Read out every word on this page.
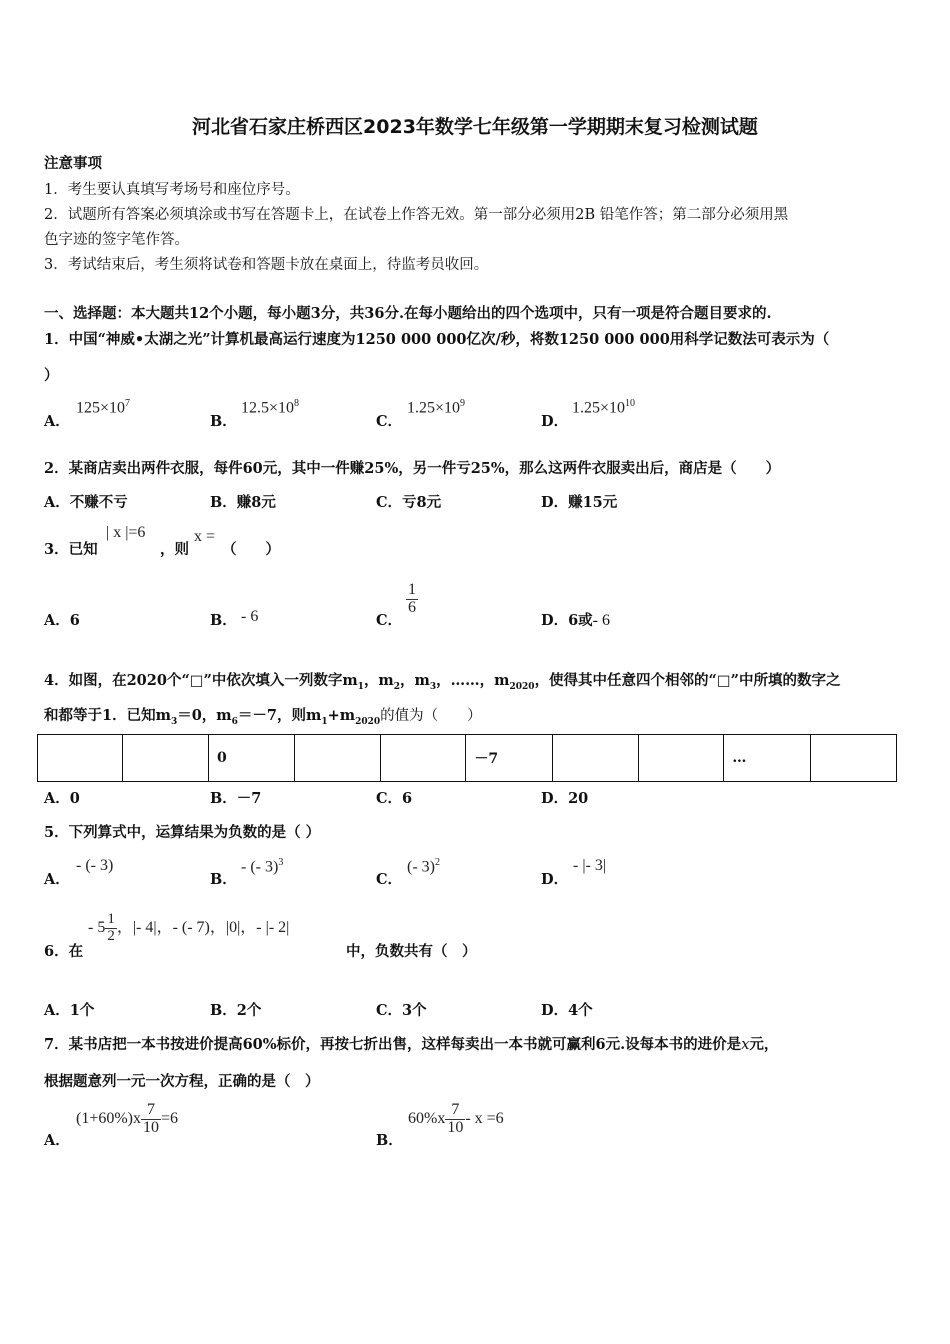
河北省石家庄桥西区2023年数学七年级第一学期期末复习检测试题
注意事项
1．考生要认真填写考场号和座位序号。
2．试题所有答案必须填涂或书写在答题卡上，在试卷上作答无效。第一部分必须用2B 铅笔作答；第二部分必须用黑
色字迹的签字笔作答。
3．考试结束后，考生须将试卷和答题卡放在桌面上，待监考员收回。
一、选择题：本大题共12个小题，每小题3分，共36分.在每小题给出的四个选项中，只有一项是符合题目要求的.
1．中国“神威•太湖之光”计算机最高运行速度为1250 000 000亿次/秒，将数1250 000 000用科学记数法可表示为（
）
A．
$125\times 10^7$
B．
$12.5\times 10^8$
C．
$1.25\times 10^9$
D．
$1.25\times 10^{10}$
2．某商店卖出两件衣服，每件60元，其中一件赚25%，另一件亏25%，那么这两件衣服卖出后，商店是（　　）
A．不赚不亏	B．赚8元	C．亏8元	D．赚15元
3．已知
| x |=6
，则
x =
（　　）
A．6	B． - 6	C．
$\frac{1}{6}$
D．6或- 6
4．如图，在2020个“□”中依次填入一列数字$m_1$，$m_2$，$m_3$，……，$m_{2020}$，使得其中任意四个相邻的“□”中所填的数字之
和都等于1．已知$m_3=0$，$m_6=-7$，则$m_1+m_{2020}$的值为（　　）
		0			－7			…	
A．0	B．－7	C．6	D．20
5．下列算式中，运算结果为负数的是（ ）
A．
- (- 3)
B．
- (- 3)$^3$
C．
(- 3)$^2$
D．
- |- 3|
6．在
- $5 \frac{1}{2}$ ，|- 4|，- (- 7)，|0|，- |- 2|
中，负数共有（　）
A．1个	B．2个	C．3个	D．4个
7．某书店把一本书按进价提高60%标价，再按七折出售，这样每卖出一本书就可赢利6元.设每本书的进价是x元，
根据题意列一元一次方程，正确的是（　）
A．
$(1+60\%)x \frac{7}{10} =6$
B．
$60\%x \frac{7}{10} - x =6$
